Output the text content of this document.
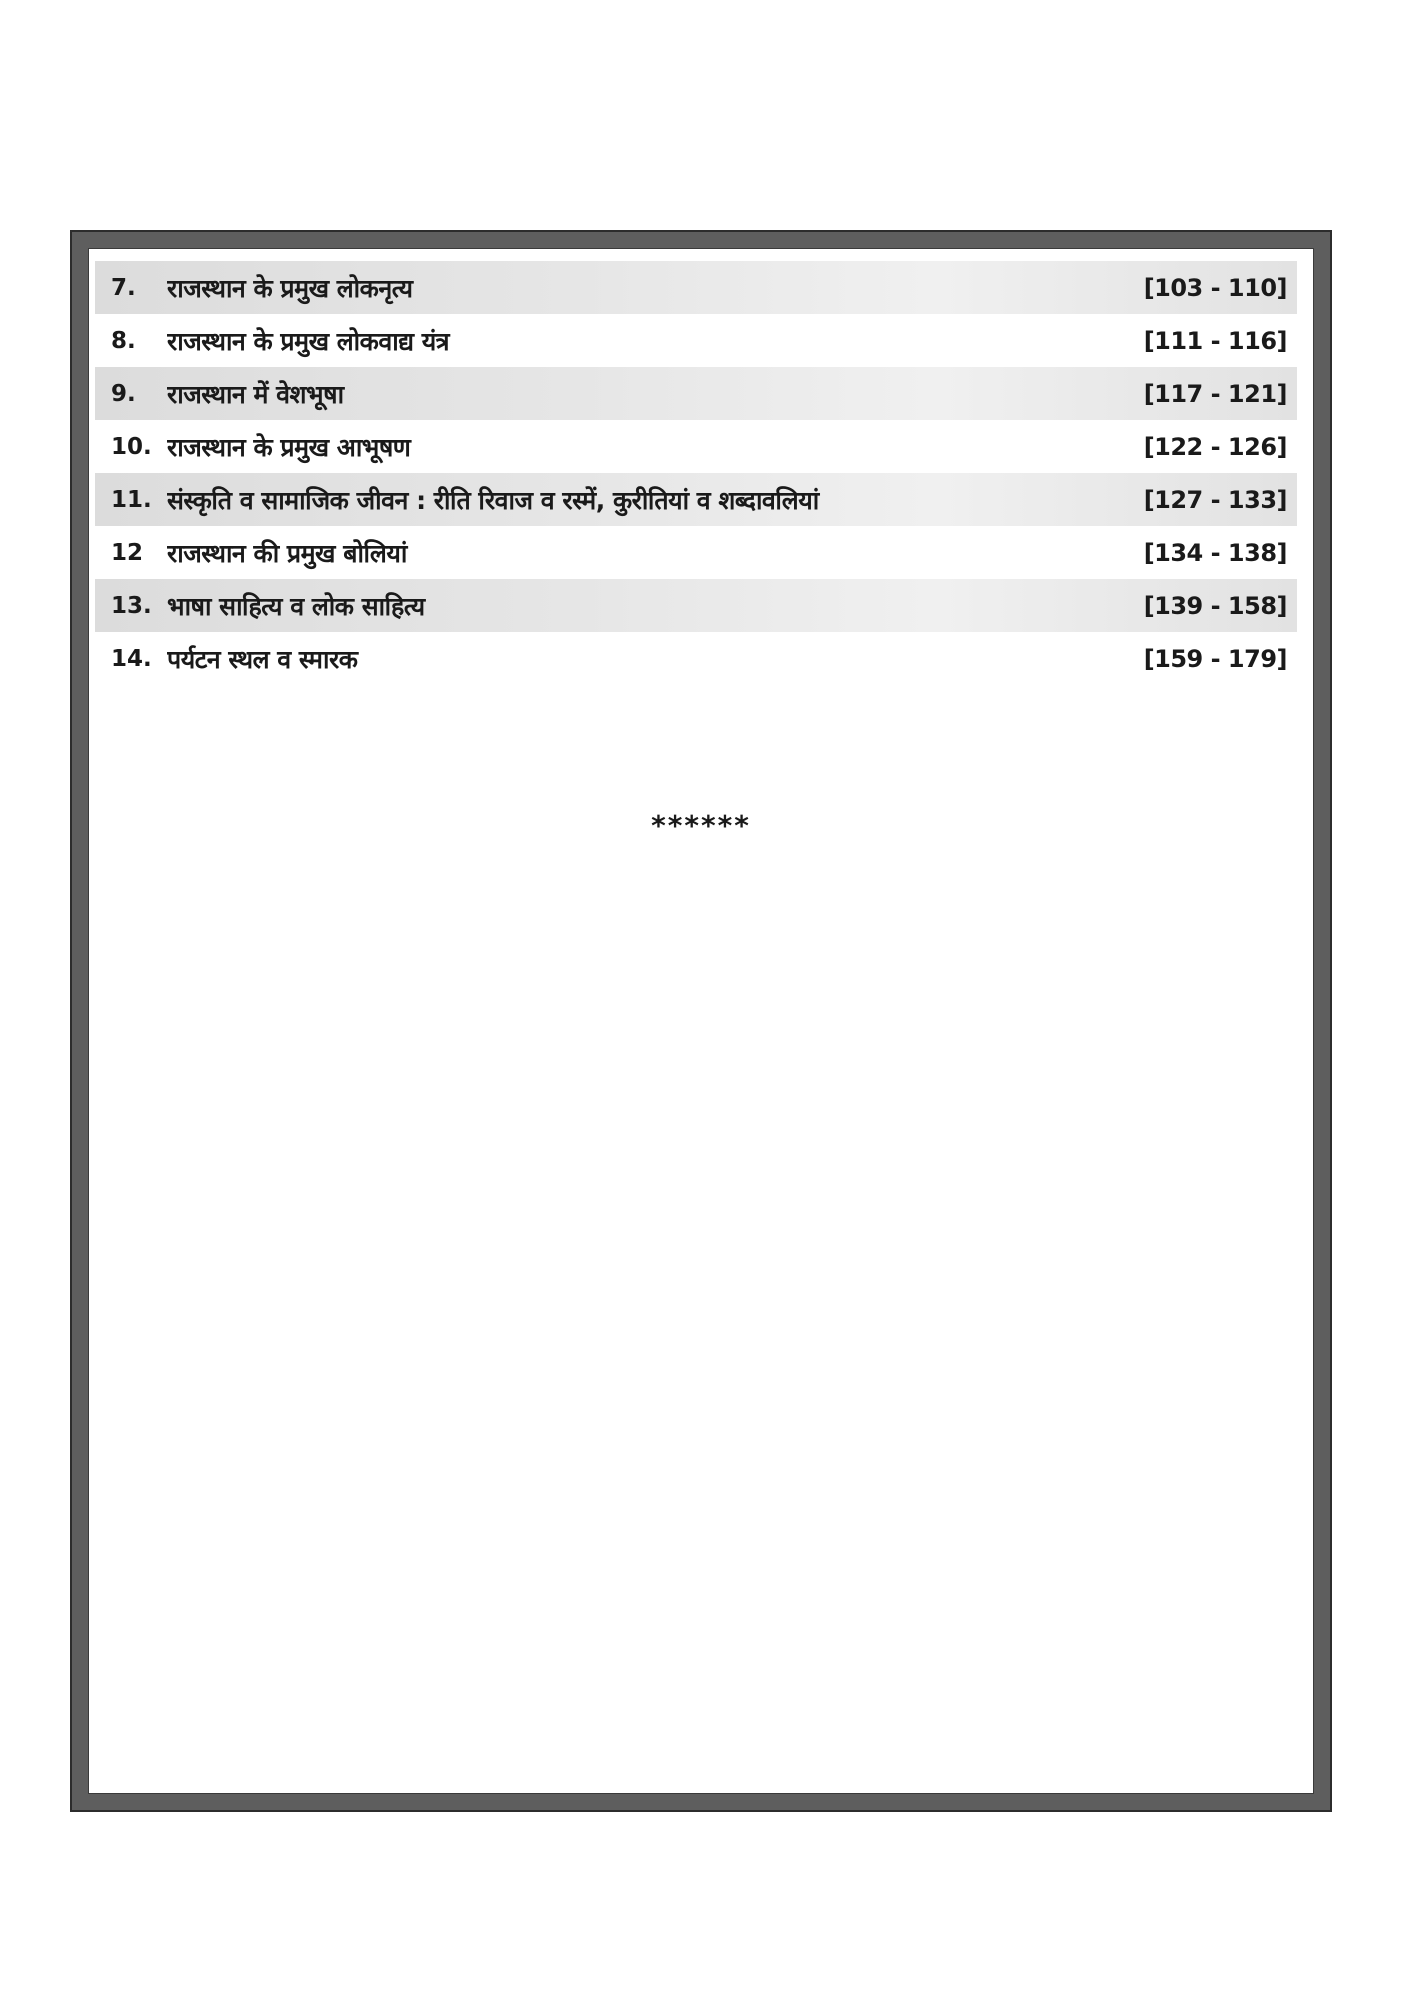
7.	राजस्थान के प्रमुख लोकनृत्य	[103 - 110]
8.	राजस्थान के प्रमुख लोकवाद्य यंत्र	[111 - 116]
9.	राजस्थान में वेशभूषा	[117 - 121]
10. राजस्थान के प्रमुख आभूषण	[122 - 126]
11. संस्कृति व सामाजिक जीवन : रीति रिवाज व रस्में, कुरीतियां व शब्दावलियां	[127 - 133]
12 राजस्थान की प्रमुख बोलियां	[134 - 138]
13. भाषा साहित्य व लोक साहित्य	[139 - 158]
14. पर्यटन स्थल व स्मारक	[159 - 179]
******
